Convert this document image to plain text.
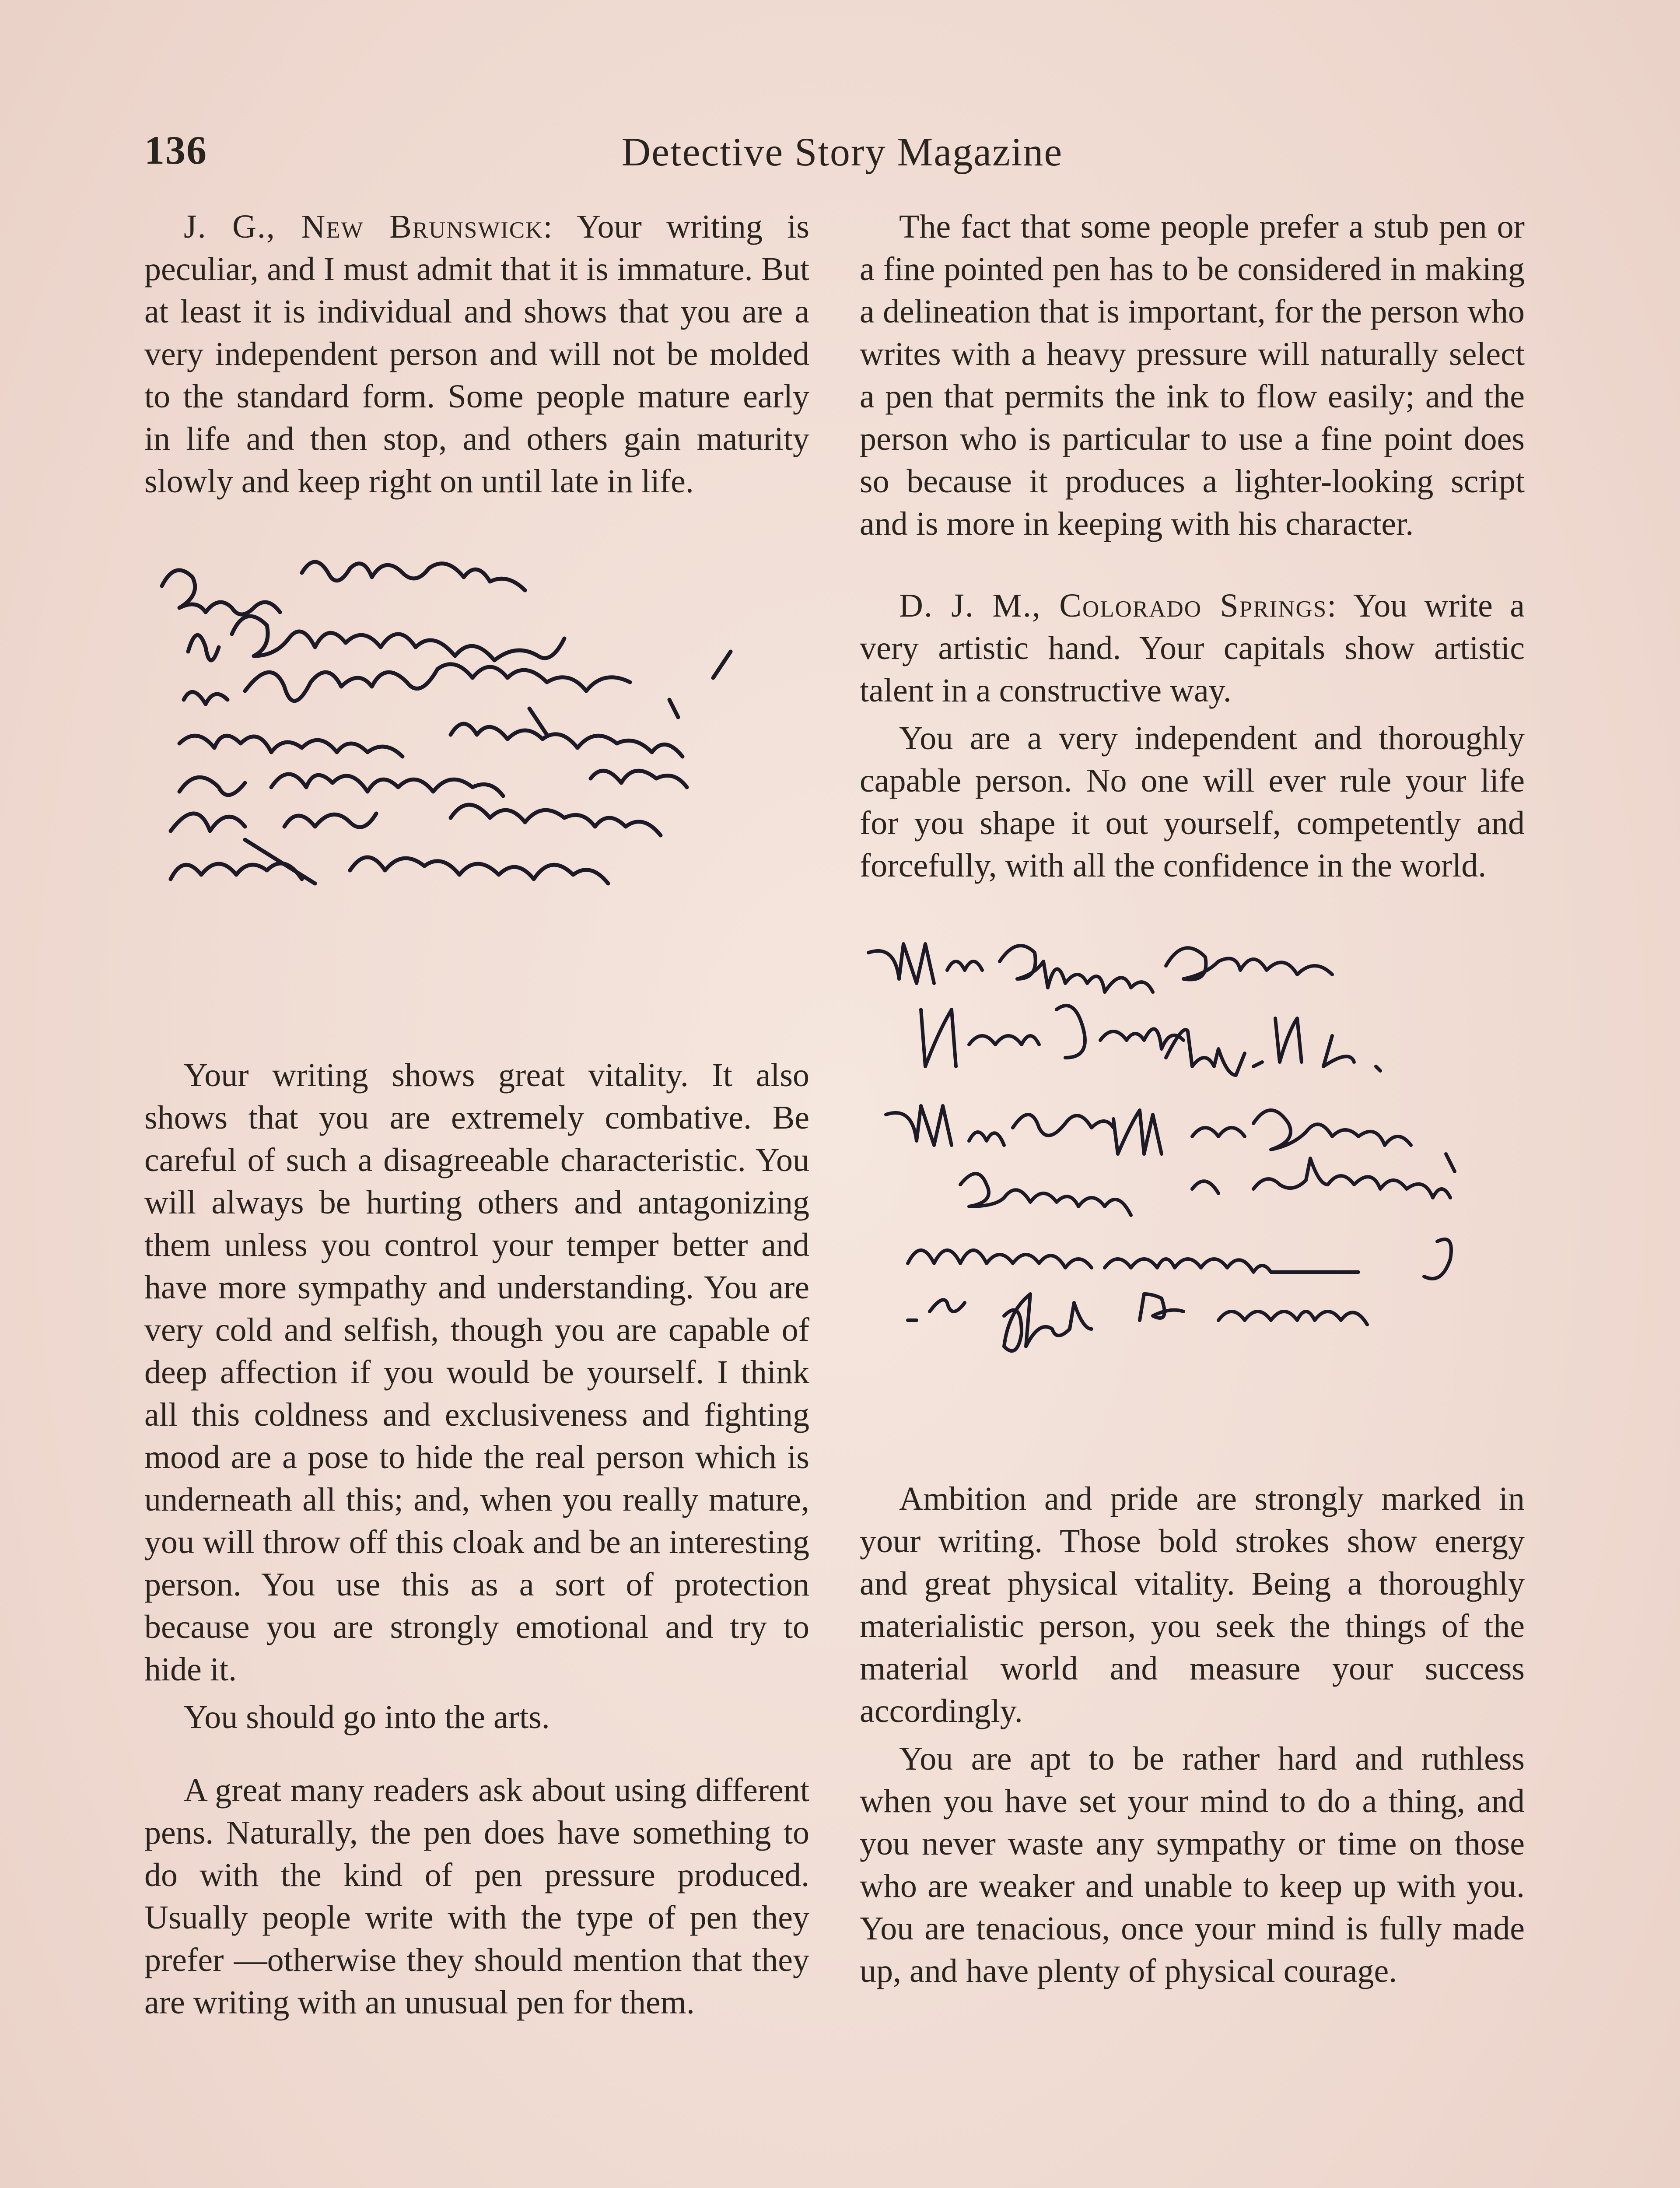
136	Detective Story Magazine

J. G., New Brunswick: Your writing is peculiar, and I must admit that it is immature. But at least it is individual and shows that you are a very independent person and will not be molded to the standard form. Some people mature early in life and then stop, and others gain maturity slowly and keep right on until late in life.

Your writing shows great vitality. It also shows that you are extremely combative. Be careful of such a disagreeable characteristic. You will always be hurting others and antagonizing them unless you control your temper better and have more sympathy and understanding. You are very cold and selfish, though you are capable of deep affection if you would be yourself. I think all this coldness and exclusiveness and fighting mood are a pose to hide the real person which is underneath all this; and, when you really mature, you will throw off this cloak and be an interesting person. You use this as a sort of protection because you are strongly emotional and try to hide it.

You should go into the arts.

A great many readers ask about using different pens. Naturally, the pen does have something to do with the kind of pen pressure produced. Usually people write with the type of pen they prefer —otherwise they should mention that they are writing with an unusual pen for them.

The fact that some people prefer a stub pen or a fine pointed pen has to be considered in making a delineation that is important, for the person who writes with a heavy pressure will naturally select a pen that permits the ink to flow easily; and the person who is particular to use a fine point does so because it produces a lighter-looking script and is more in keeping with his character.

D. J. M., Colorado Springs: You write a very artistic hand. Your capitals show artistic talent in a constructive way.

You are a very independent and thoroughly capable person. No one will ever rule your life for you shape it out yourself, competently and forcefully, with all the confidence in the world.

Ambition and pride are strongly marked in your writing. Those bold strokes show energy and great physical vitality. Being a thoroughly materialistic person, you seek the things of the material world and measure your success accordingly.

You are apt to be rather hard and ruthless when you have set your mind to do a thing, and you never waste any sympathy or time on those who are weaker and unable to keep up with you. You are tenacious, once your mind is fully made up, and have plenty of physical courage.
